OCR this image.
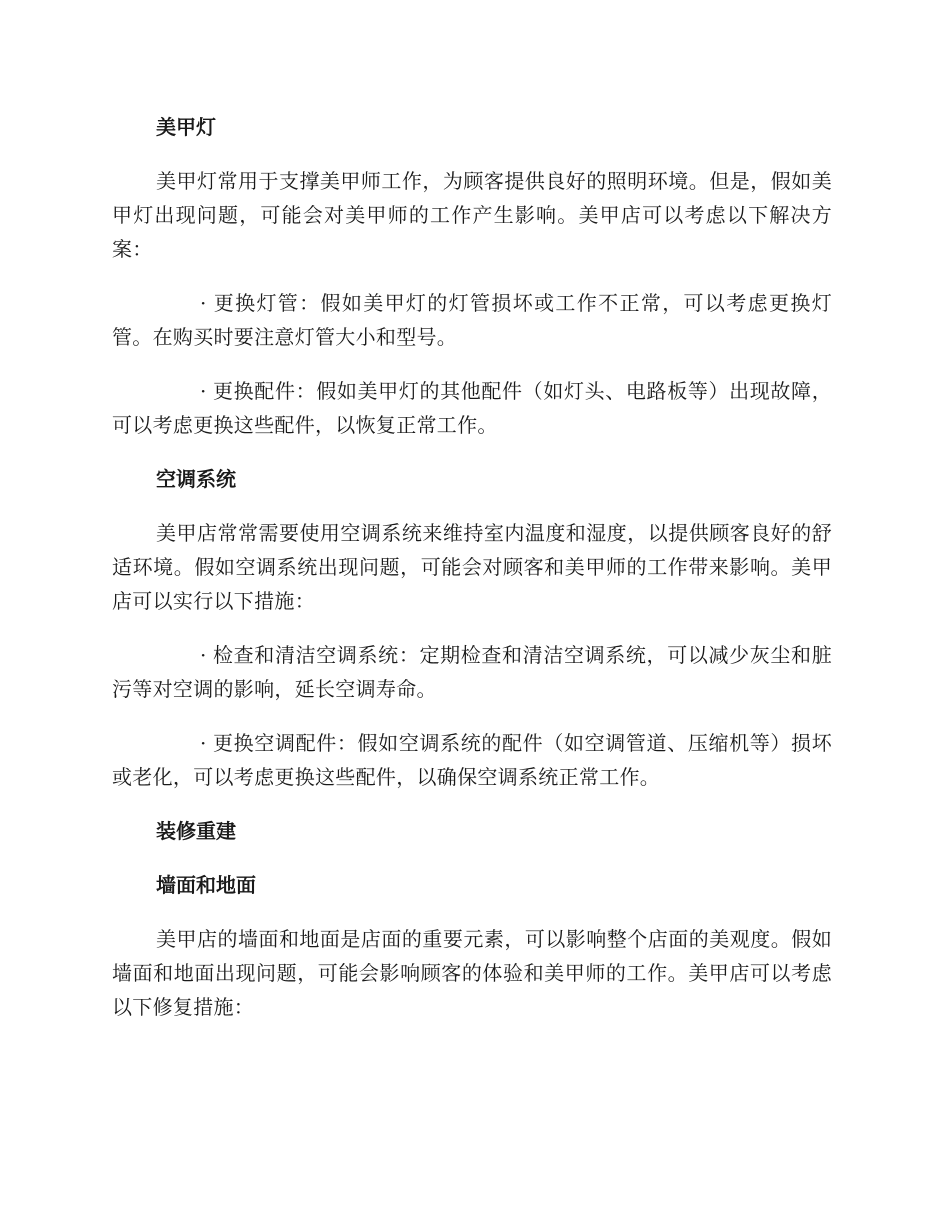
美甲灯

美甲灯常用于支撑美甲师工作，为顾客提供良好的照明环境。但是，假如美甲灯出现问题，可能会对美甲师的工作产生影响。美甲店可以考虑以下解决方案：

· 更换灯管：假如美甲灯的灯管损坏或工作不正常，可以考虑更换灯管。在购买时要注意灯管大小和型号。

· 更换配件：假如美甲灯的其他配件（如灯头、电路板等）出现故障，可以考虑更换这些配件，以恢复正常工作。

空调系统

美甲店常常需要使用空调系统来维持室内温度和湿度，以提供顾客良好的舒适环境。假如空调系统出现问题，可能会对顾客和美甲师的工作带来影响。美甲店可以实行以下措施：

· 检查和清洁空调系统：定期检查和清洁空调系统，可以减少灰尘和脏污等对空调的影响，延长空调寿命。

· 更换空调配件：假如空调系统的配件（如空调管道、压缩机等）损坏或老化，可以考虑更换这些配件，以确保空调系统正常工作。

装修重建
墙面和地面

美甲店的墙面和地面是店面的重要元素，可以影响整个店面的美观度。假如墙面和地面出现问题，可能会影响顾客的体验和美甲师的工作。美甲店可以考虑以下修复措施：
